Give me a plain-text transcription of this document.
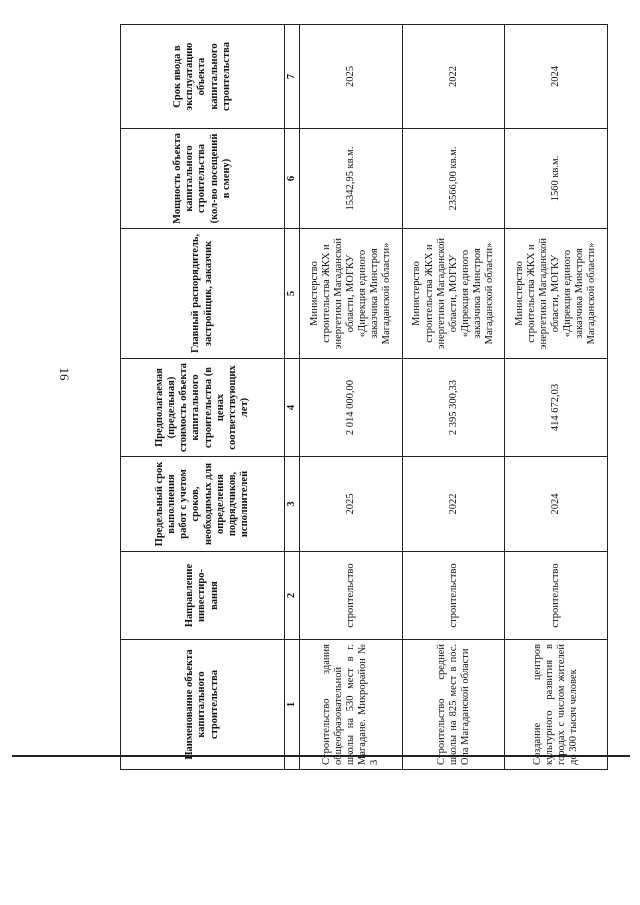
16
Наименование объекта капитального строительства	Направление инвестиро-вания	Предельный срок выполнения работ с учетом сроков, необходимых для определения подрядчиков, исполнителей	Предполагаемая (предельная) стоимость объекта капитального строительства (в ценах соответствующих лет)	Главный распорядитель, застройщик, заказчик	Мощность объекта капитального строительства (кол-во посещений в смену)	Срок ввода в эксплуатацию объекта капитального строительства
1	2	3	4	5	6	7
Строительство здания общеобразовательной школы на 530 мест в г. Магадане. Микрорайон № 3	строительство	2025	2 014 000,00	Министерство строительства ЖКХ и энергетики Магаданской области, МОГКУ «Дирекция единого заказчика Минстроя Магаданской области»	15342,95 кв.м.	2025
Строительство средней школы на 825 мест в пос. Ола Магаданской области	строительство	2022	2 395 300,33	Министерство строительства ЖКХ и энергетики Магаданской области, МОГКУ «Дирекция единого заказчика Минстроя Магаданской области»	23566,00 кв.м.	2022
Создание центров культурного развития в городах с числом жителей до 300 тысяч человек	строительство	2024	414 672,03	Министерство строительства ЖКХ и энергетики Магаданской области, МОГКУ «Дирекция единого заказчика Минстроя Магаданской области»	1560 кв.м.	2024
